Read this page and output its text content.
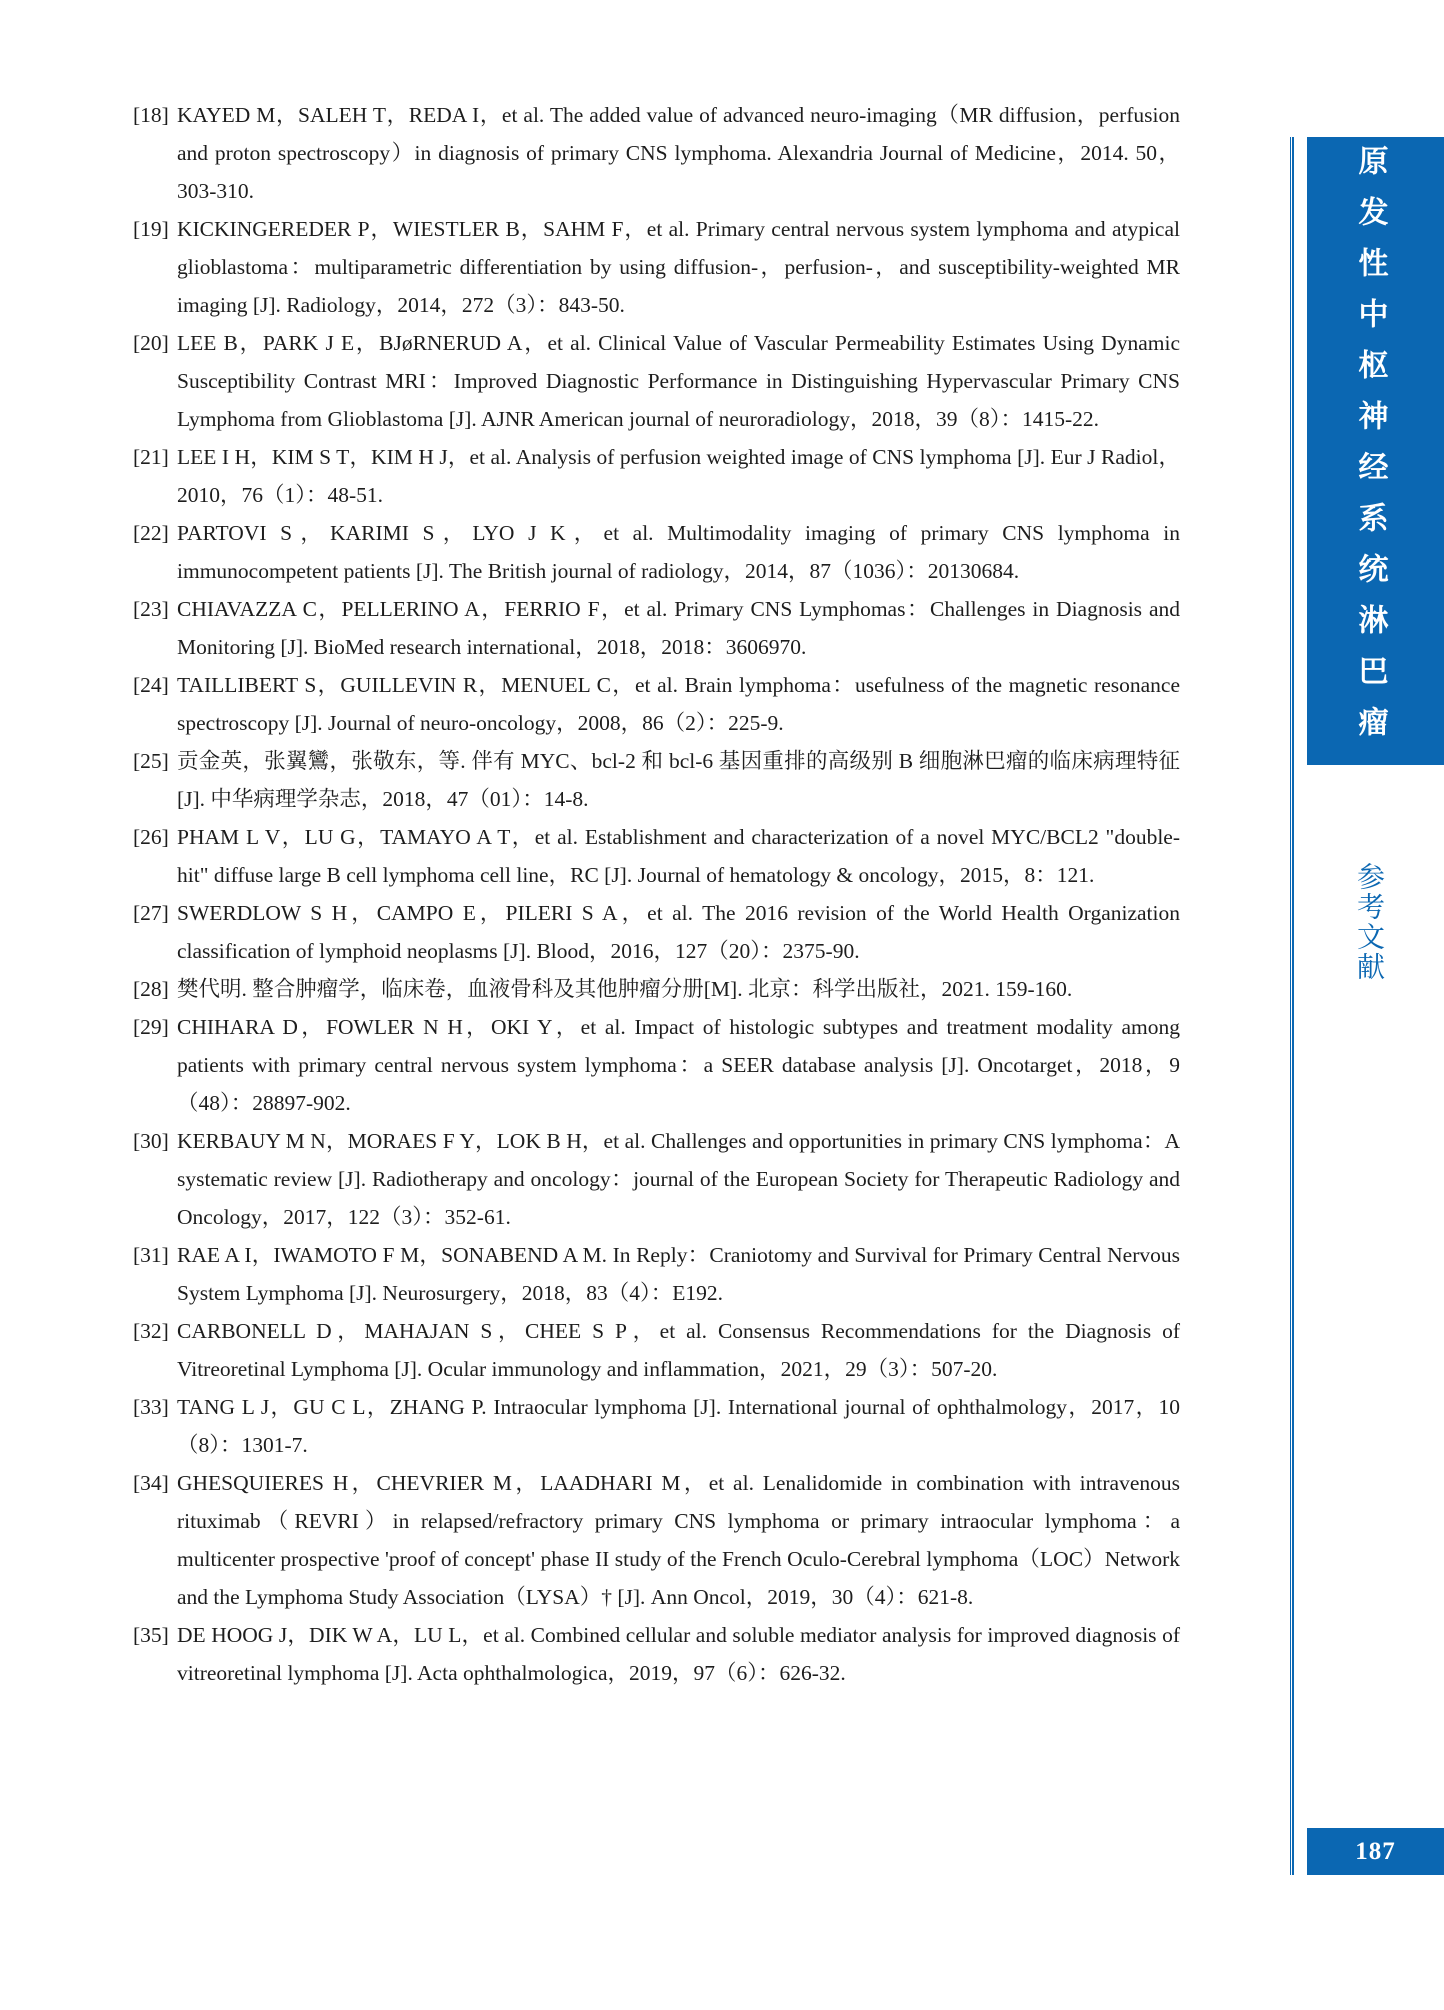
[18] KAYED M，SALEH T，REDA I，et al. The added value of advanced neuro-imaging（MR diffusion，perfusion and proton spectroscopy）in diagnosis of primary CNS lymphoma. Alexandria Journal of Medicine，2014. 50，303-310.
[19] KICKINGEREDER P，WIESTLER B，SAHM F，et al. Primary central nervous system lymphoma and atypical glioblastoma：multiparametric differentiation by using diffusion-，perfusion-，and susceptibility-weighted MR imaging [J]. Radiology，2014，272（3）：843-50.
[20] LEE B，PARK J E，BJøRNERUD A，et al. Clinical Value of Vascular Permeability Estimates Using Dynamic Susceptibility Contrast MRI：Improved Diagnostic Performance in Distinguishing Hypervascular Primary CNS Lymphoma from Glioblastoma [J]. AJNR American journal of neuroradiology，2018，39（8）：1415-22.
[21] LEE I H，KIM S T，KIM H J，et al. Analysis of perfusion weighted image of CNS lymphoma [J]. Eur J Radiol，2010，76（1）：48-51.
[22] PARTOVI S，KARIMI S，LYO J K，et al. Multimodality imaging of primary CNS lymphoma in immunocompetent patients [J]. The British journal of radiology，2014，87（1036）：20130684.
[23] CHIAVAZZA C，PELLERINO A，FERRIO F，et al. Primary CNS Lymphomas：Challenges in Diagnosis and Monitoring [J]. BioMed research international，2018，2018：3606970.
[24] TAILLIBERT S，GUILLEVIN R，MENUEL C，et al. Brain lymphoma：usefulness of the magnetic resonance spectroscopy [J]. Journal of neuro-oncology，2008，86（2）：225-9.
[25] 贡金英，张翼鸞，张敬东，等. 伴有 MYC、bcl-2 和 bcl-6 基因重排的高级别 B 细胞淋巴瘤的临床病理特征 [J]. 中华病理学杂志，2018，47（01）：14-8.
[26] PHAM L V，LU G，TAMAYO A T，et al. Establishment and characterization of a novel MYC/BCL2 "double-hit" diffuse large B cell lymphoma cell line，RC [J]. Journal of hematology & oncology，2015，8：121.
[27] SWERDLOW S H，CAMPO E，PILERI S A，et al. The 2016 revision of the World Health Organization classification of lymphoid neoplasms [J]. Blood，2016，127（20）：2375-90.
[28] 樊代明. 整合肿瘤学，临床卷，血液骨科及其他肿瘤分册[M]. 北京：科学出版社，2021. 159-160.
[29] CHIHARA D，FOWLER N H，OKI Y，et al. Impact of histologic subtypes and treatment modality among patients with primary central nervous system lymphoma：a SEER database analysis [J]. Oncotarget，2018，9（48）：28897-902.
[30] KERBAUY M N，MORAES F Y，LOK B H，et al. Challenges and opportunities in primary CNS lymphoma：A systematic review [J]. Radiotherapy and oncology：journal of the European Society for Therapeutic Radiology and Oncology，2017，122（3）：352-61.
[31] RAE A I，IWAMOTO F M，SONABEND A M. In Reply：Craniotomy and Survival for Primary Central Nervous System Lymphoma [J]. Neurosurgery，2018，83（4）：E192.
[32] CARBONELL D，MAHAJAN S，CHEE S P，et al. Consensus Recommendations for the Diagnosis of Vitreoretinal Lymphoma [J]. Ocular immunology and inflammation，2021，29（3）：507-20.
[33] TANG L J，GU C L，ZHANG P. Intraocular lymphoma [J]. International journal of ophthalmology，2017，10（8）：1301-7.
[34] GHESQUIERES H，CHEVRIER M，LAADHARI M，et al. Lenalidomide in combination with intravenous rituximab（REVRI）in relapsed/refractory primary CNS lymphoma or primary intraocular lymphoma：a multicenter prospective 'proof of concept' phase II study of the French Oculo-Cerebral lymphoma（LOC）Network and the Lymphoma Study Association（LYSA）† [J]. Ann Oncol，2019，30（4）：621-8.
[35] DE HOOG J，DIK W A，LU L，et al. Combined cellular and soluble mediator analysis for improved diagnosis of vitreoretinal lymphoma [J]. Acta ophthalmologica，2019，97（6）：626-32.
原发性中枢神经系统淋巴瘤
参考文献
187
